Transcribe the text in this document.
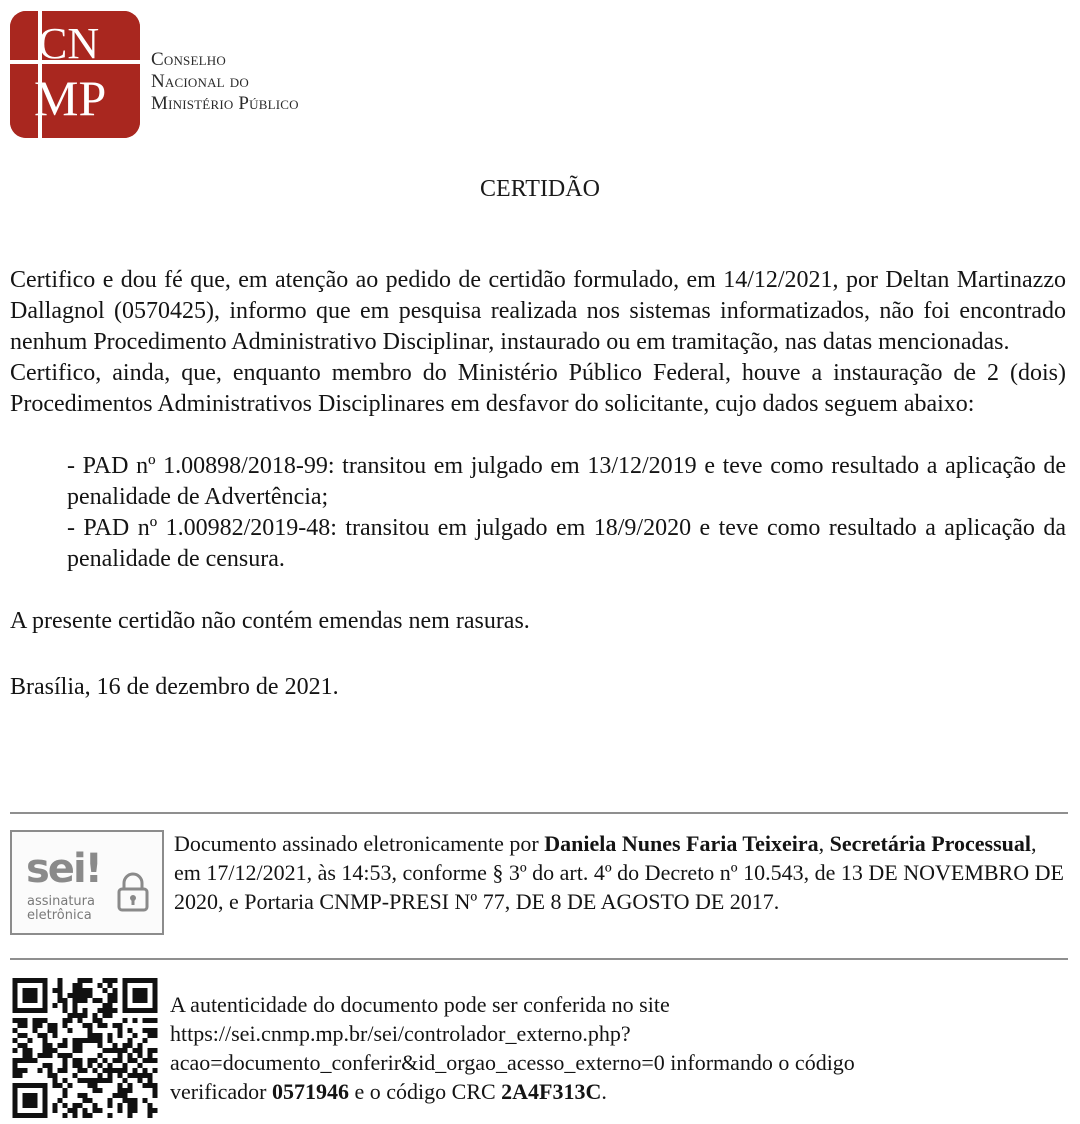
CN
MP
Conselho
Nacional do
Ministério Público
CERTIDÃO

Certifico e dou fé que, em atenção ao pedido de certidão formulado, em 14/12/2021, por Deltan Martinazzo Dallagnol (0570425), informo que em pesquisa realizada nos sistemas informatizados, não foi encontrado nenhum Procedimento Administrativo Disciplinar, instaurado ou em tramitação, nas datas mencionadas.

Certifico, ainda, que, enquanto membro do Ministério Público Federal, houve a instauração de 2 (dois) Procedimentos Administrativos Disciplinares em desfavor do solicitante, cujo dados seguem abaixo:

- PAD nº 1.00898/2018-99: transitou em julgado em 13/12/2019 e teve como resultado a aplicação de penalidade de Advertência;

- PAD nº 1.00982/2019-48: transitou em julgado em 18/9/2020 e teve como resultado a aplicação da penalidade de censura.

A presente certidão não contém emendas nem rasuras.

Brasília, 16 de dezembro de 2021.

sei!
assinatura
eletrônica
Documento assinado eletronicamente por Daniela Nunes Faria Teixeira, Secretária Processual, em 17/12/2021, às 14:53, conforme § 3º do art. 4º do Decreto nº 10.543, de 13 DE NOVEMBRO DE 2020, e Portaria CNMP-PRESI Nº 77, DE 8 DE AGOSTO DE 2017.
A autenticidade do documento pode ser conferida no site
https://sei.cnmp.mp.br/sei/controlador_externo.php?
acao=documento_conferir&id_orgao_acesso_externo=0 informando o código
verificador 0571946 e o código CRC 2A4F313C.
